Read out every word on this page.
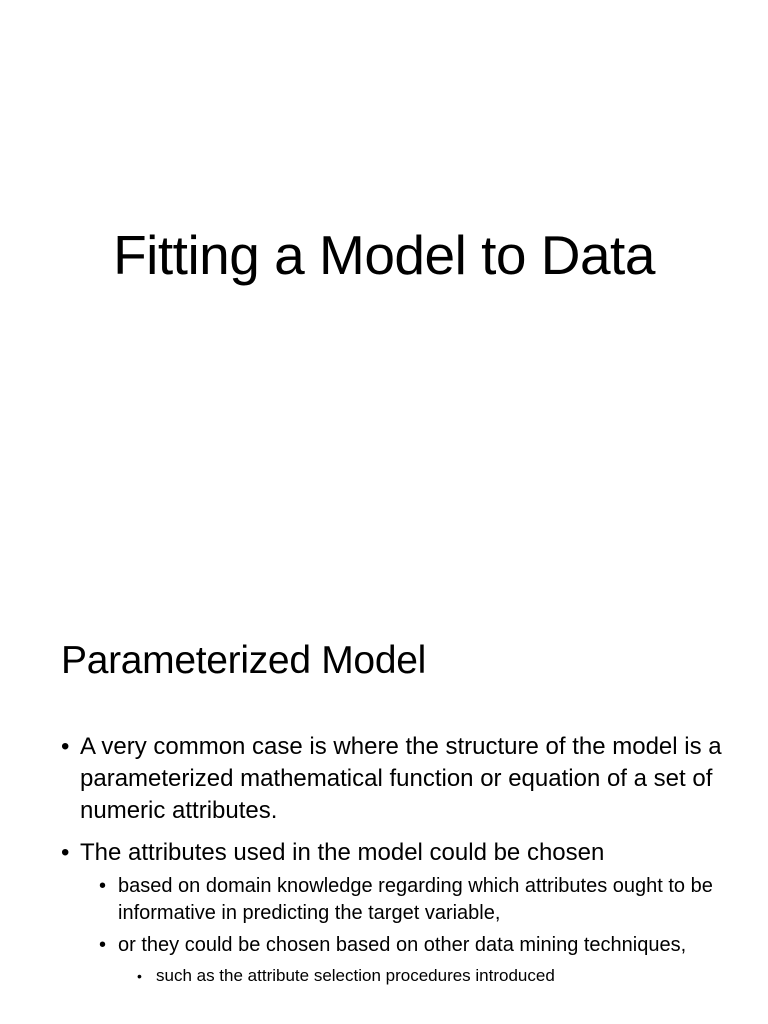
Fitting a Model to Data
Parameterized Model
• A very common case is where the structure of the model is a parameterized mathematical function or equation of a set of numeric attributes.
• The attributes used in the model could be chosen
• based on domain knowledge regarding which attributes ought to be informative in predicting the target variable,
• or they could be chosen based on other data mining techniques,
• such as the attribute selection procedures introduced
